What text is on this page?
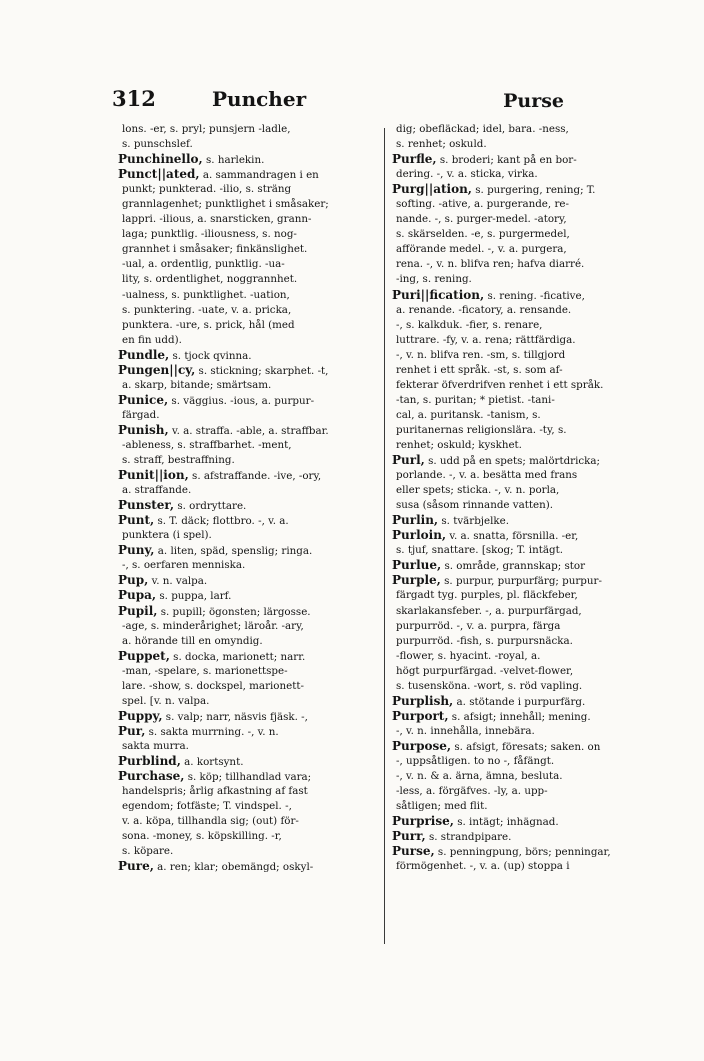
312	Puncher	Purse
lons. -er, s. pryl; punsjern -ladle,
s. punschslef.
Punchinello, s. harlekin.
Punct||ated, a. sammandragen i en
punkt; punkterad. -ilio, s. sträng
grannlagenhet; punktlighet i småsaker;
lappri. -ilious, a. snarsticken, grann-
laga; punktlig. -iliousness, s. nog-
grannhet i småsaker; finkänslighet.
-ual, a. ordentlig, punktlig. -ua-
lity, s. ordentlighet, noggrannhet.
-ualness, s. punktlighet. -uation,
s. punktering. -uate, v. a. pricka,
punktera. -ure, s. prick, hål (med
en fin udd).
Pundle, s. tjock qvinna.
Pungen||cy, s. stickning; skarphet. -t,
a. skarp, bitande; smärtsam.
Punice, s. väggius. -ious, a. purpur-
färgad.
Punish, v. a. straffa. -able, a. straffbar.
-ableness, s. straffbarhet. -ment,
s. straff, bestraffning.
Punit||ion, s. afstraffande. -ive, -ory,
a. straffande.
Punster, s. ordryttare.
Punt, s. T. däck; flottbro. -, v. a.
punktera (i spel).
Puny, a. liten, späd, spenslig; ringa.
-, s. oerfaren menniska.
Pup, v. n. valpa.
Pupa, s. puppa, larf.
Pupil, s. pupill; ögonsten; lärgosse.
-age, s. minderårighet; läroår. -ary,
a. hörande till en omyndig.
Puppet, s. docka, marionett; narr.
-man, -spelare, s. marionettspe-
lare. -show, s. dockspel, marionett-
spel. [v. n. valpa.
Puppy, s. valp; narr, näsvis fjäsk. -,
Pur, s. sakta murrning. -, v. n.
sakta murra.
Purblind, a. kortsynt.
Purchase, s. köp; tillhandlad vara;
handelspris; årlig afkastning af fast
egendom; fotfäste; T. vindspel. -,
v. a. köpa, tillhandla sig; (out) för-
sona. -money, s. köpskilling. -r,
s. köpare.
Pure, a. ren; klar; obemängd; oskyl-
dig; obefläckad; idel, bara. -ness,
s. renhet; oskuld.
Purfle, s. broderi; kant på en bor-
dering. -, v. a. sticka, virka.
Purg||ation, s. purgering, rening; T.
softing. -ative, a. purgerande, re-
nande. -, s. purger-medel. -atory,
s. skärselden. -e, s. purgermedel,
afförande medel. -, v. a. purgera,
rena. -, v. n. blifva ren; hafva diarré.
-ing, s. rening.
Puri||fication, s. rening. -ficative,
a. renande. -ficatory, a. rensande.
-, s. kalkduk. -fier, s. renare,
luttrare. -fy, v. a. rena; rättfärdiga.
-, v. n. blifva ren. -sm, s. tillgjord
renhet i ett språk. -st, s. som af-
fekterar öfverdrifven renhet i ett språk.
-tan, s. puritan; * pietist. -tani-
cal, a. puritansk. -tanism, s.
puritanernas religionslära. -ty, s.
renhet; oskuld; kyskhet.
Purl, s. udd på en spets; malörtdricka;
porlande. -, v. a. besätta med frans
eller spets; sticka. -, v. n. porla,
susa (såsom rinnande vatten).
Purlin, s. tvärbjelke.
Purloin, v. a. snatta, försnilla. -er,
s. tjuf, snattare. [skog; T. intägt.
Purlue, s. område, grannskap; stor
Purple, s. purpur, purpurfärg; purpur-
färgadt tyg. purples, pl. fläckfeber,
skarlakansfeber. -, a. purpurfärgad,
purpurröd. -, v. a. purpra, färga
purpurröd. -fish, s. purpursnäcka.
-flower, s. hyacint. -royal, a.
högt purpurfärgad. -velvet-flower,
s. tusensköna. -wort, s. röd vapling.
Purplish, a. stötande i purpurfärg.
Purport, s. afsigt; innehåll; mening.
-, v. n. innehålla, innebära.
Purpose, s. afsigt, föresats; saken. on
-, uppsåtligen. to no -, fåfängt.
-, v. n. & a. ärna, ämna, besluta.
-less, a. förgäfves. -ly, a. upp-
såtligen; med flit.
Purprise, s. intägt; inhägnad.
Purr, s. strandpipare.
Purse, s. penningpung, börs; penningar,
förmögenhet. -, v. a. (up) stoppa i
